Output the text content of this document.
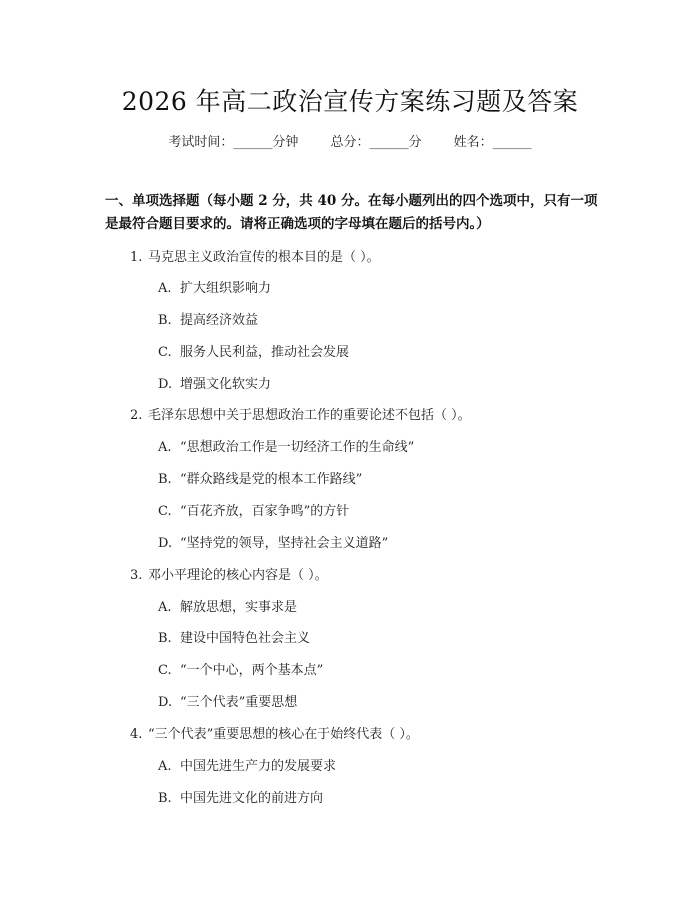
2026 年高二政治宣传方案练习题及答案
考试时间：______分钟 总分：______分 姓名：______
一、单项选择题（每小题 2 分，共 40 分。在每小题列出的四个选项中，只有一项是最符合题目要求的。请将正确选项的字母填在题后的括号内。）
1. 马克思主义政治宣传的根本目的是（ ）。
A. 扩大组织影响力
B. 提高经济效益
C. 服务人民利益，推动社会发展
D. 增强文化软实力
2. 毛泽东思想中关于思想政治工作的重要论述不包括（ ）。
A. “思想政治工作是一切经济工作的生命线”
B. “群众路线是党的根本工作路线”
C. “百花齐放，百家争鸣”的方针
D. “坚持党的领导，坚持社会主义道路”
3. 邓小平理论的核心内容是（ ）。
A. 解放思想，实事求是
B. 建设中国特色社会主义
C. “一个中心，两个基本点”
D. “三个代表”重要思想
4. “三个代表”重要思想的核心在于始终代表（ ）。
A. 中国先进生产力的发展要求
B. 中国先进文化的前进方向
